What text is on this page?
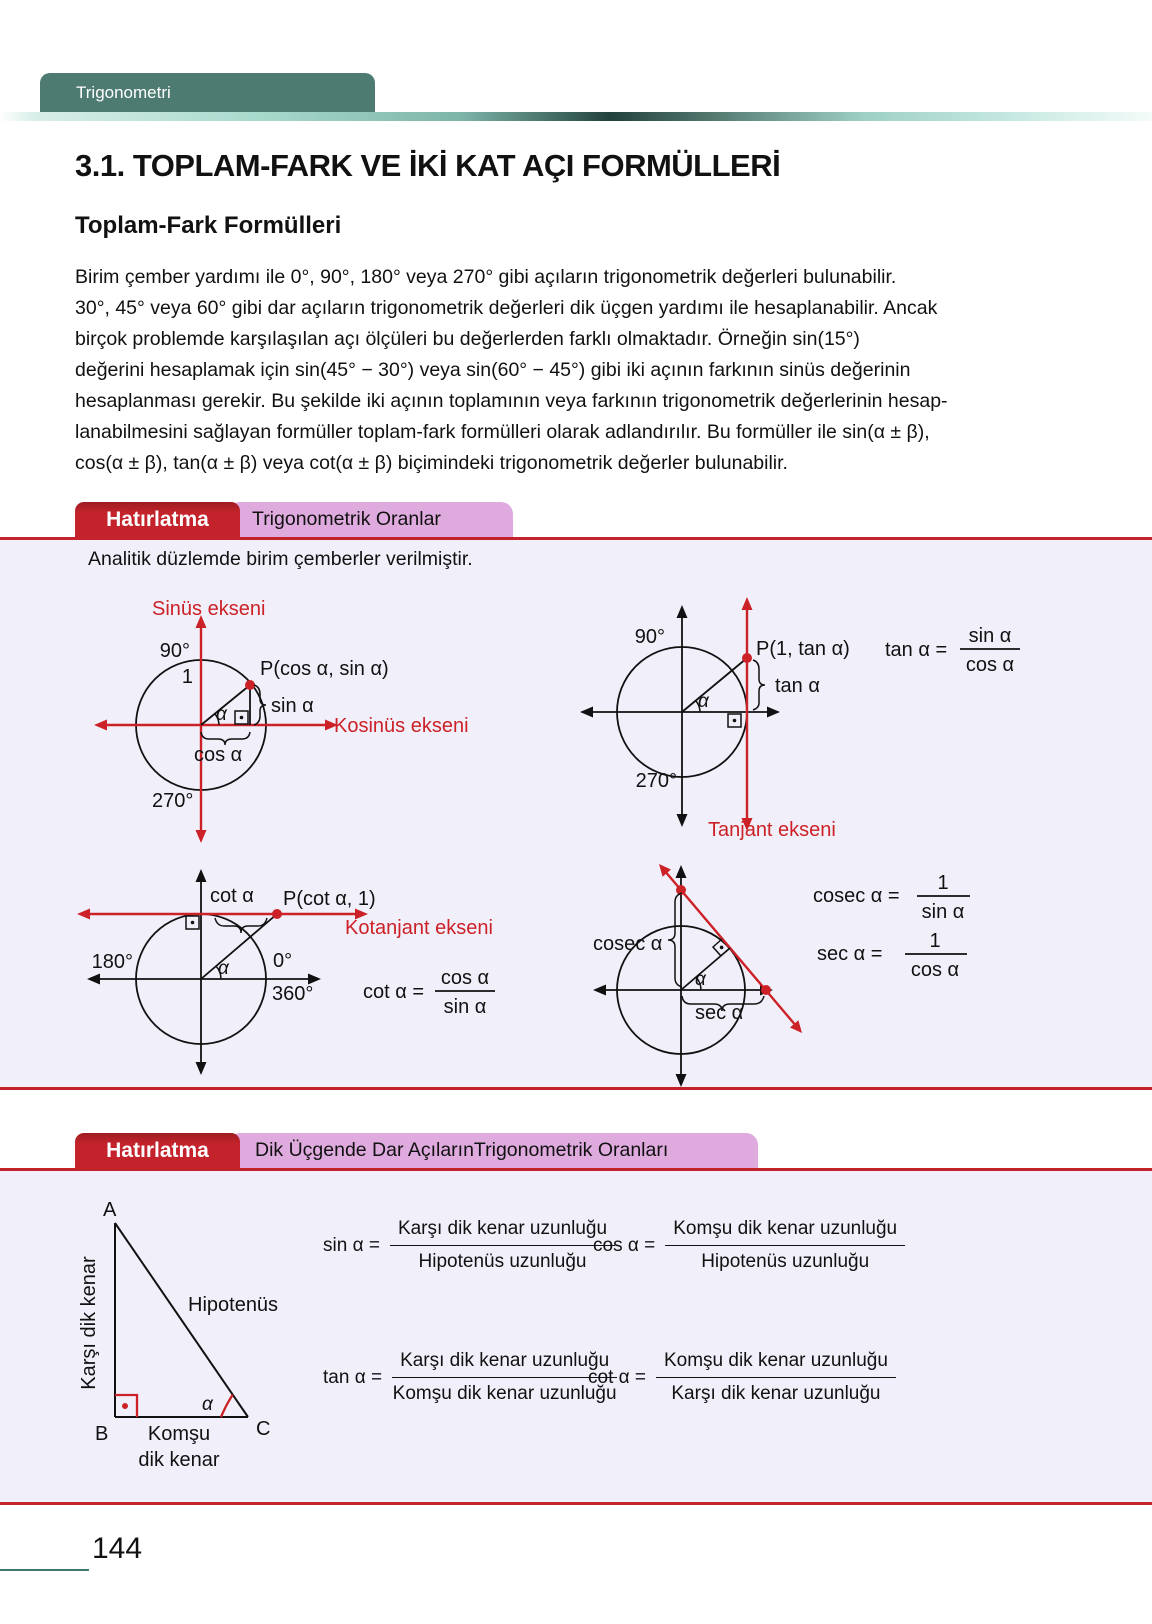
Trigonometri
3.1. TOPLAM-FARK VE İKİ KAT AÇI FORMÜLLERİ
Toplam-Fark Formülleri
Birim çember yardımı ile 0°, 90°, 180° veya 270° gibi açıların trigonometrik değerleri bulunabilir.
30°, 45° veya 60° gibi dar açıların trigonometrik değerleri dik üçgen yardımı ile hesaplanabilir. Ancak
birçok problemde karşılaşılan açı ölçüleri bu değerlerden farklı olmaktadır. Örneğin sin(15°)
değerini hesaplamak için sin(45° − 30°) veya sin(60° − 45°) gibi iki açının farkının sinüs değerinin
hesaplanması gerekir. Bu şekilde iki açının toplamının veya farkının trigonometrik değerlerinin hesap-
lanabilmesini sağlayan formüller toplam-fark formülleri olarak adlandırılır. Bu formüller ile sin(α ± β),
cos(α ± β), tan(α ± β) veya cot(α ± β) biçimindeki trigonometrik değerler bulunabilir.
Trigonometrik Oranlar
Hatırlatma
Analitik düzlemde birim çemberler verilmiştir.
Sinüs ekseni
90°
1	P(cos α, sin α)
sin α
α
cos α
Kosinüs ekseni
270°
90°
270°
P(1, tan α)
tan α
α
Tanjant ekseni
tan α =
sin α
cos α
cot α P(cot α, 1)
Kotanjant ekseni
180°	0°
360°
α
cot α =
cos α
sin α
cosec α
sec α
α
cosec α =
1
sin α
sec α =
1
cos α
Dik Üçgende Dar AçılarınTrigonometrik Oranları
Hatırlatma
A
B	C
α
Hipotenüs
Karşı dik kenar
Komşu
dik kenar
$\sin \alpha = \frac{\text{Karşı dik kenar uzunluğu}}{\text{Hipotenüs uzunluğu}}$
$\cos \alpha = \frac{\text{Komşu dik kenar uzunluğu}}{\text{Hipotenüs uzunluğu}}$
$\tan \alpha = \frac{\text{Karşı dik kenar uzunluğu}}{\text{Komşu dik kenar uzunluğu}}$
$\cot \alpha = \frac{\text{Komşu dik kenar uzunluğu}}{\text{Karşı dik kenar uzunluğu}}$
144
